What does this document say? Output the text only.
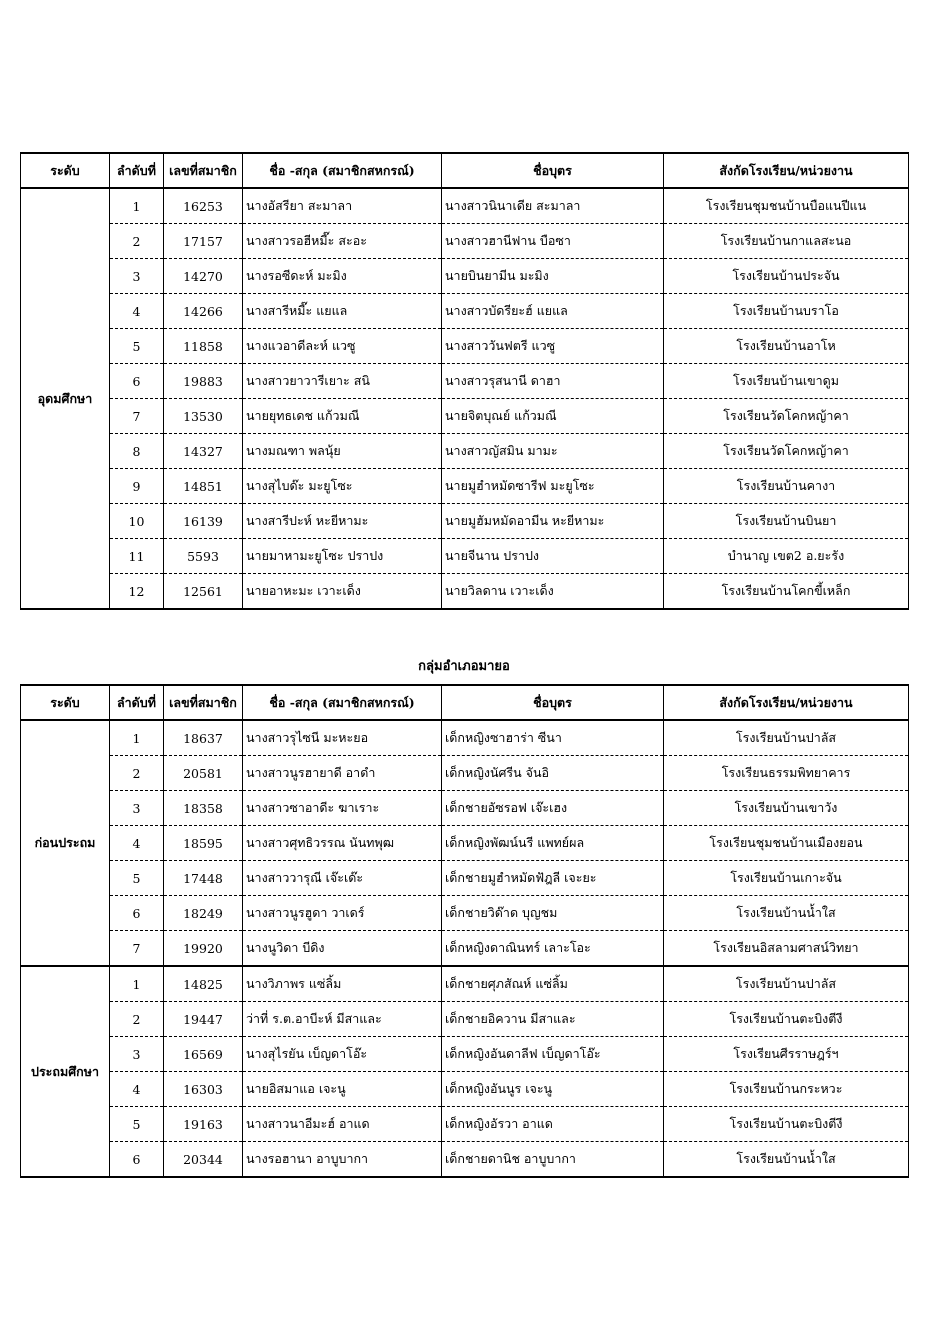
ระดับ	ลำดับที่	เลขที่สมาชิก	ชื่อ -สกุล (สมาชิกสหกรณ์)	ชื่อบุตร	สังกัดโรงเรียน/หน่วยงาน
อุดมศึกษา	1	16253	นางอัสรียา สะมาลา	นางสาวนินาเดีย สะมาลา	โรงเรียนชุมชนบ้านบือแนปีแน
	2	17157	นางสาวรอฮีหมี๊ะ สะอะ	นางสาวฮานีฟาน บือซา	โรงเรียนบ้านกาแลสะนอ
	3	14270	นางรอซีดะห์ มะมิง	นายบินยามีน มะมิง	โรงเรียนบ้านประจัน
	4	14266	นางสารีหมี๊ะ แยแล	นางสาวบัดรียะฮ์ แยแล	โรงเรียนบ้านบราโอ
	5	11858	นางแวอาดีละห์ แวซู	นางสาววันฟตรี แวซู	โรงเรียนบ้านอาโห
	6	19883	นางสาวยาวารีเยาะ สนิ	นางสาวรุสนานี ดาฮา	โรงเรียนบ้านเขาดูม
	7	13530	นายยุทธเดช แก้วมณี	นายจิตบุณย์ แก้วมณี	โรงเรียนวัดโคกหญ้าคา
	8	14327	นางมณฑา พลนุ้ย	นางสาวญัสมิน มามะ	โรงเรียนวัดโคกหญ้าคา
	9	14851	นางสุไบด๊ะ มะยูโซะ	นายมูฮำหมัดซารีฟ มะยูโซะ	โรงเรียนบ้านคางา
	10	16139	นางสารีปะห์ หะยีหามะ	นายมูฮัมหมัดอามีน หะยีหามะ	โรงเรียนบ้านบินยา
	11	5593	นายมาหามะยูโซะ ปราปง	นายจีนาน ปราปง	บำนาญ เขต2 อ.ยะรัง
	12	12561	นายอาหะมะ เวาะเด็ง	นายวิลดาน เวาะเด็ง	โรงเรียนบ้านโคกขี้เหล็ก
กลุ่มอำเภอมายอ
ระดับ	ลำดับที่	เลขที่สมาชิก	ชื่อ -สกุล (สมาชิกสหกรณ์)	ชื่อบุตร	สังกัดโรงเรียน/หน่วยงาน
ก่อนประถม	1	18637	นางสาวรุไซนี มะหะยอ	เด็กหญิงซาฮาร่า ซีนา	โรงเรียนบ้านปาลัส
	2	20581	นางสาวนูรฮายาดี อาดำ	เด็กหญิงนัศรีน จันอิ	โรงเรียนธรรมพิทยาคาร
	3	18358	นางสาวซาอาดีะ ฆาเราะ	เด็กชายอัซรอฟ เจ๊ะเฮง	โรงเรียนบ้านเขาวัง
	4	18595	นางสาวศุทธิวรรณ นันทพุฒ	เด็กหญิงพัฒน์นรี แพทย์ผล	โรงเรียนชุมชนบ้านเมืองยอน
	5	17448	นางสาววารุณี เจ๊ะเด๊ะ	เด็กชายมูฮำหมัดฟัฎลี เจะยะ	โรงเรียนบ้านเกาะจัน
	6	18249	นางสาวนูรฮูดา วาเดร์	เด็กชายวิด๊าด บุญชม	โรงเรียนบ้านน้ำใส
	7	19920	นางนูวิดา บีดิง	เด็กหญิงดาณินทร์ เลาะโอะ	โรงเรียนอิสลามศาสน์วิทยา
ประถมศึกษา	1	14825	นางวิภาพร แซ่ลิ้ม	เด็กชายศุภสัณห์ แซ่ลิ้ม	โรงเรียนบ้านปาลัส
	2	19447	ว่าที่ ร.ต.อาบีะห์ มีสาและ	เด็กชายอิควาน มีสาและ	โรงเรียนบ้านตะบิงตีงี
	3	16569	นางสุไรยัน เบ็ญดาโอ๊ะ	เด็กหญิงอันดาลีฟ เบ็ญดาโอ๊ะ	โรงเรียนศีรราษฎร์ฯ
	4	16303	นายอิสมาแอ เจะนู	เด็กหญิงอันนูร เจะนู	โรงเรียนบ้านกระหวะ
	5	19163	นางสาวนาอีมะฮ์ อาแด	เด็กหญิงอัรวา อาแด	โรงเรียนบ้านตะบิงตีงี
	6	20344	นางรอฮานา อาบูบากา	เด็กชายดานิช อาบูบากา	โรงเรียนบ้านน้ำใส
